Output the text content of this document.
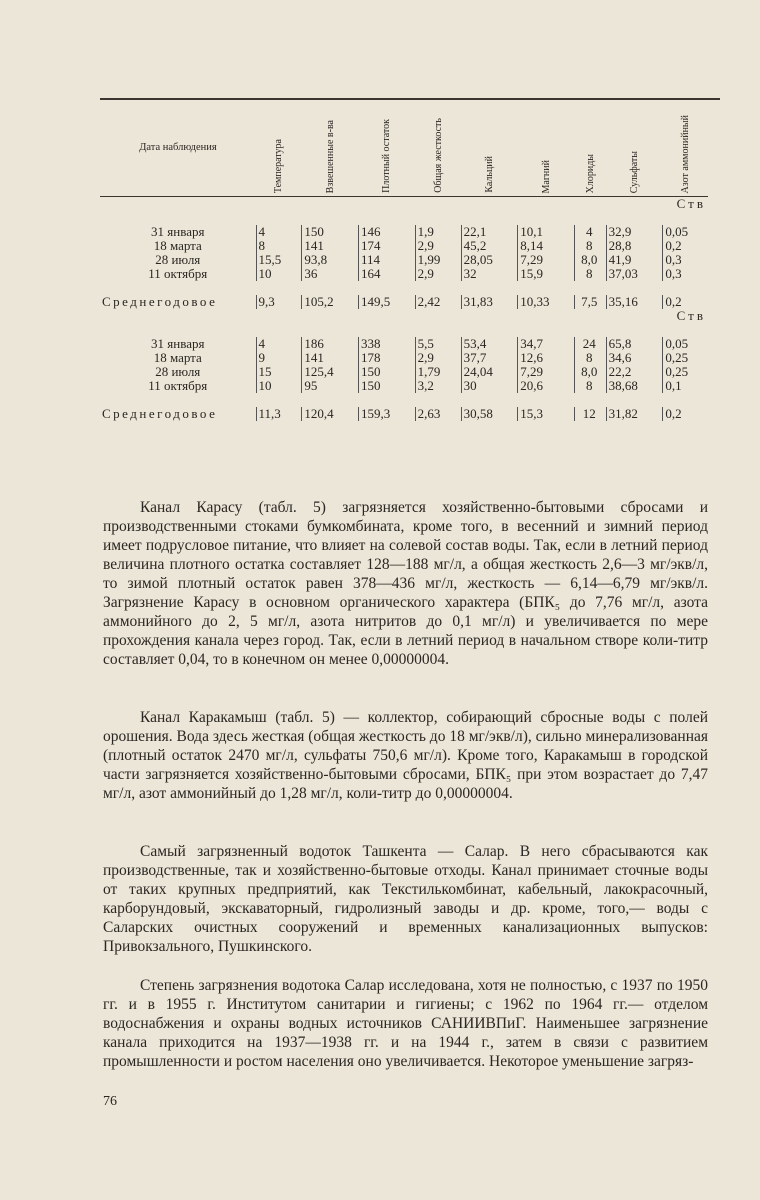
Дата наблюдения	Температура	Взвешенные в-ва	Плотный остаток	Общая жесткость	Кальций	Магний	Хлориды	Сульфаты	Азот аммонийный
Ств									

31 января	4	150	146	1,9	22,1	10,1	4	32,9	0,05
18 марта	8	141	174	2,9	45,2	8,14	8	28,8	0,2
28 июля	15,5	93,8	114	1,99	28,05	7,29	8,0	41,9	0,3
11 октября	10	36	164	2,9	32	15,9	8	37,03	0,3

Среднегодовое	9,3	105,2	149,5	2,42	31,83	10,33	7,5	35,16	0,2
Ств									

31 января	4	186	338	5,5	53,4	34,7	24	65,8	0,05
18 марта	9	141	178	2,9	37,7	12,6	8	34,6	0,25
28 июля	15	125,4	150	1,79	24,04	7,29	8,0	22,2	0,25
11 октября	10	95	150	3,2	30	20,6	8	38,68	0,1

Среднегодовое	11,3	120,4	159,3	2,63	30,58	15,3	12	31,82	0,2

Канал Карасу (табл. 5) загрязняется хозяйственно-бытовыми сбросами и производственными стоками бумкомбината, кроме того, в весенний и зимний период имеет подрусловое питание, что влияет на солевой состав воды. Так, если в летний период величина плотного остатка составляет 128—188 мг/л, а общая жесткость 2,6—3 мг/экв/л, то зимой плотный остаток равен 378—436 мг/л, жесткость — 6,14—6,79 мг/экв/л. Загрязнение Карасу в основном органического характера (БПК₅ до 7,76 мг/л, азота аммонийного до 2, 5 мг/л, азота нитритов до 0,1 мг/л) и увеличивается по мере прохождения канала через город. Так, если в летний период в начальном створе коли-титр составляет 0,04, то в конечном он менее 0,00000004.

Канал Каракамыш (табл. 5) — коллектор, собирающий сбросные воды с полей орошения. Вода здесь жесткая (общая жесткость до 18 мг/экв/л), сильно минерализованная (плотный остаток 2470 мг/л, сульфаты 750,6 мг/л). Кроме того, Каракамыш в городской части загрязняется хозяйственно-бытовыми сбросами, БПК₅ при этом возрастает до 7,47 мг/л, азот аммонийный до 1,28 мг/л, коли-титр до 0,00000004.

Самый загрязненный водоток Ташкента — Салар. В него сбрасываются как производственные, так и хозяйственно-бытовые отходы. Канал принимает сточные воды от таких крупных предприятий, как Текстилькомбинат, кабельный, лакокрасочный, карборундовый, экскаваторный, гидролизный заводы и др. кроме, того,— воды с Саларских очистных сооружений и временных канализационных выпусков: Привокзального, Пушкинского.

Степень загрязнения водотока Салар исследована, хотя не полностью, с 1937 по 1950 гг. и в 1955 г. Институтом санитарии и гигиены; с 1962 по 1964 гг.— отделом водоснабжения и охраны водных источников САНИИВПиГ. Наименьшее загрязнение канала приходится на 1937—1938 гг. и на 1944 г., затем в связи с развитием промышленности и ростом населения оно увеличивается. Некоторое уменьшение загряз-

76
